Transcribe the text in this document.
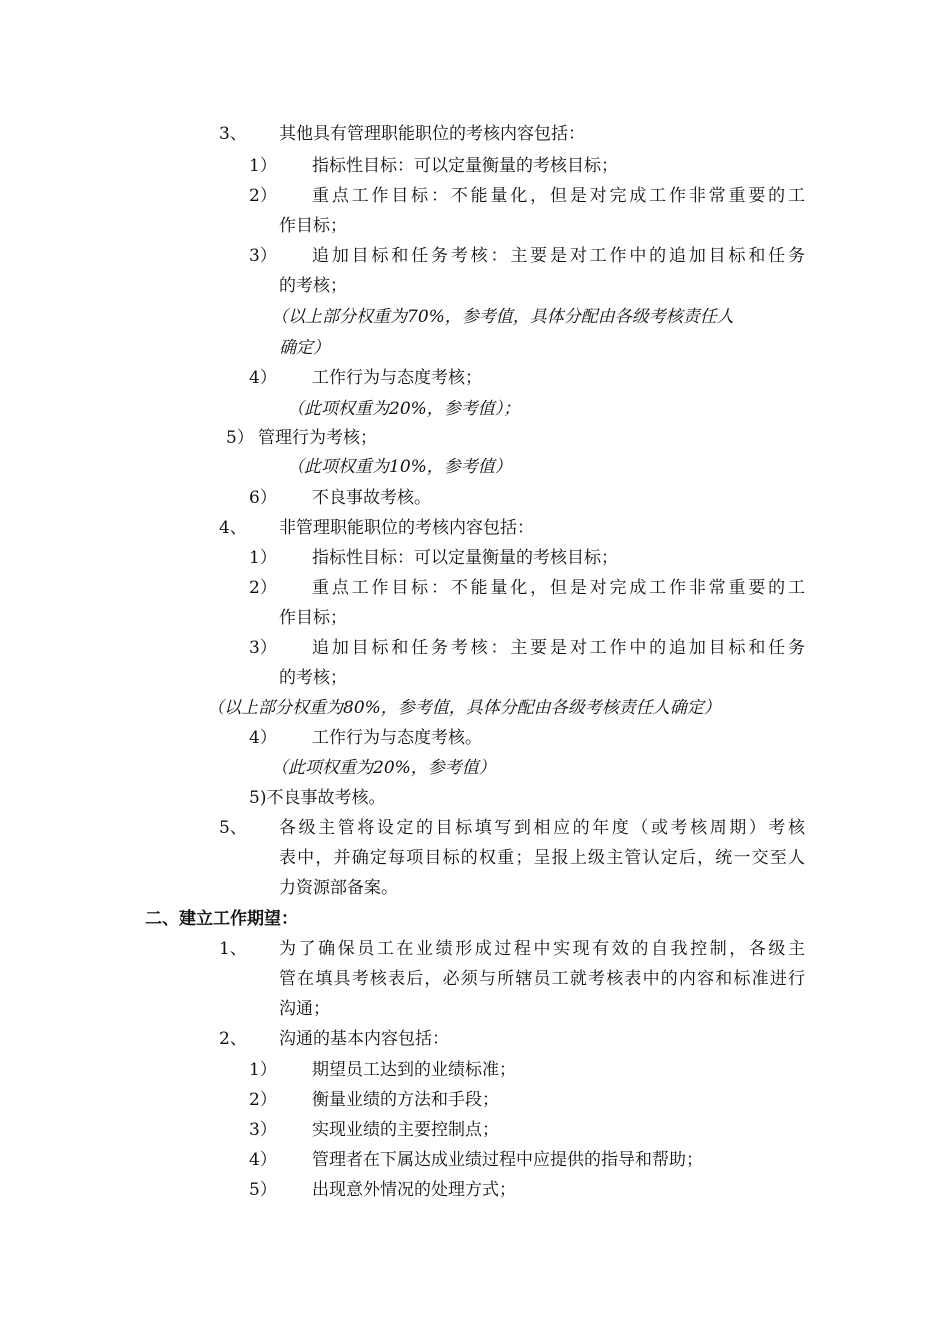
3、 其他具有管理职能职位的考核内容包括：
1） 指标性目标：可以定量衡量的考核目标；
2） 重点工作目标：不能量化，但是对完成工作非常重要的工
作目标；
3） 追加目标和任务考核：主要是对工作中的追加目标和任务
的考核；
（以上部分权重为70%，参考值，具体分配由各级考核责任人
确定）
4） 工作行为与态度考核；
（此项权重为20%，参考值）；
5） 管理行为考核；
（此项权重为10%，参考值）
6） 不良事故考核。
4、 非管理职能职位的考核内容包括：
1） 指标性目标：可以定量衡量的考核目标；
2） 重点工作目标：不能量化，但是对完成工作非常重要的工
作目标；
3） 追加目标和任务考核：主要是对工作中的追加目标和任务
的考核；
（以上部分权重为80%，参考值，具体分配由各级考核责任人确定）
4） 工作行为与态度考核。
（此项权重为20%，参考值）
5)不良事故考核。
5、 各级主管将设定的目标填写到相应的年度（或考核周期）考核
表中，并确定每项目标的权重；呈报上级主管认定后，统一交至人
力资源部备案。
二、建立工作期望：
1、 为了确保员工在业绩形成过程中实现有效的自我控制，各级主
管在填具考核表后，必须与所辖员工就考核表中的内容和标准进行
沟通；
2、 沟通的基本内容包括：
1） 期望员工达到的业绩标准；
2） 衡量业绩的方法和手段；
3） 实现业绩的主要控制点；
4） 管理者在下属达成业绩过程中应提供的指导和帮助；
5） 出现意外情况的处理方式；
